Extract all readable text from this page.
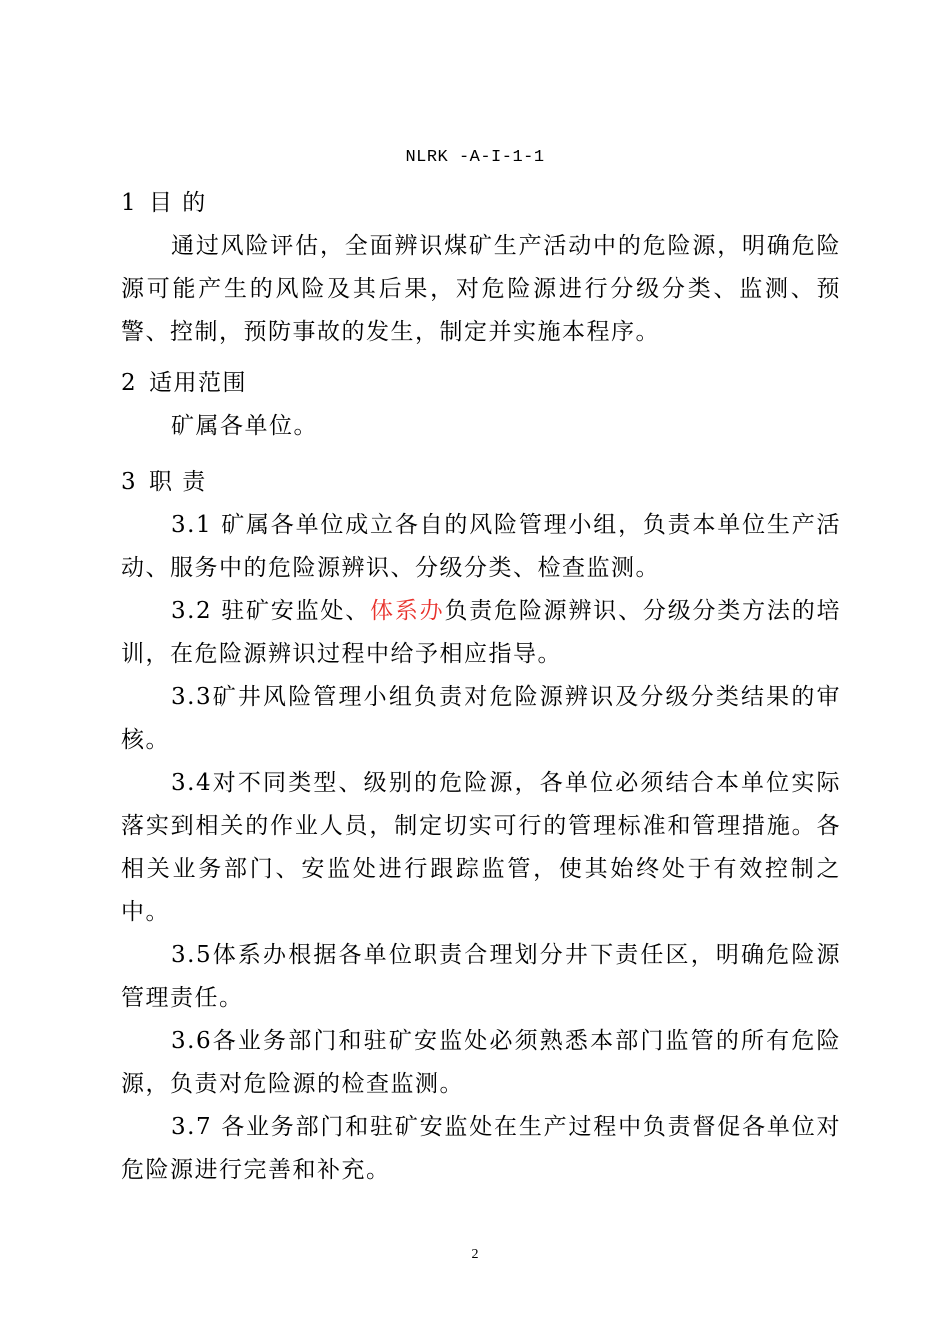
NLRK -A-I-1-1

1 目 的

通过风险评估，全面辨识煤矿生产活动中的危险源，明确危险源可能产生的风险及其后果，对危险源进行分级分类、监测、预警、控制，预防事故的发生，制定并实施本程序。

2 适用范围

矿属各单位。

3 职 责

3.1 矿属各单位成立各自的风险管理小组，负责本单位生产活动、服务中的危险源辨识、分级分类、检查监测。

3.2 驻矿安监处、体系办负责危险源辨识、分级分类方法的培训，在危险源辨识过程中给予相应指导。

3.3矿井风险管理小组负责对危险源辨识及分级分类结果的审核。

3.4对不同类型、级别的危险源，各单位必须结合本单位实际落实到相关的作业人员，制定切实可行的管理标准和管理措施。各相关业务部门、安监处进行跟踪监管，使其始终处于有效控制之中。

3.5体系办根据各单位职责合理划分井下责任区，明确危险源管理责任。

3.6各业务部门和驻矿安监处必须熟悉本部门监管的所有危险源，负责对危险源的检查监测。

3.7 各业务部门和驻矿安监处在生产过程中负责督促各单位对危险源进行完善和补充。

2
